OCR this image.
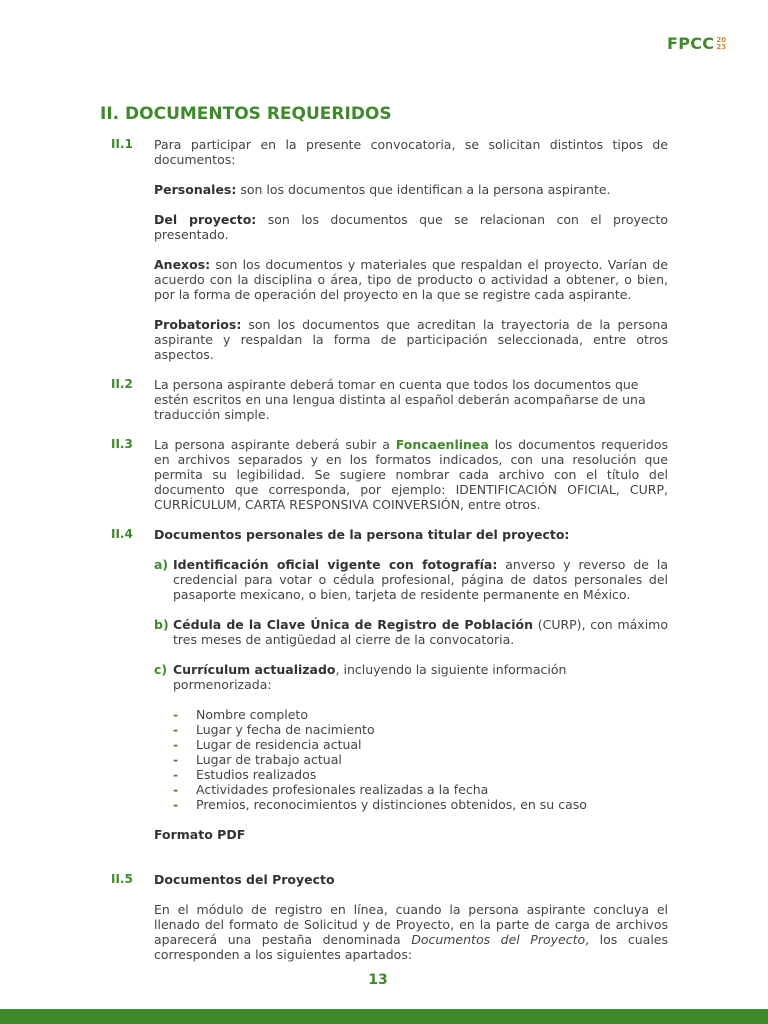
FPCC 20
23
II. DOCUMENTOS REQUERIDOS
II.1	Para participar en la presente convocatoria, se solicitan distintos tipos de documentos:

Personales: son los documentos que identifican a la persona aspirante.

Del proyecto: son los documentos que se relacionan con el proyecto presentado.

Anexos: son los documentos y materiales que respaldan el proyecto. Varían de acuerdo con la disciplina o área, tipo de producto o actividad a obtener, o bien, por la forma de operación del proyecto en la que se registre cada aspirante.

Probatorios: son los documentos que acreditan la trayectoria de la persona aspirante y respaldan la forma de participación seleccionada, entre otros aspectos.

II.2	La persona aspirante deberá tomar en cuenta que todos los documentos que estén escritos en una lengua distinta al español deberán acompañarse de una traducción simple.

II.3	La persona aspirante deberá subir a Foncaenlinea los documentos requeridos en archivos separados y en los formatos indicados, con una resolución que permita su legibilidad. Se sugiere nombrar cada archivo con el título del documento que corresponda, por ejemplo: IDENTIFICACIÓN OFICIAL, CURP, CURRÍCULUM, CARTA RESPONSIVA COINVERSIÓN, entre otros.

II.4	Documentos personales de la persona titular del proyecto:

a) Identificación oficial vigente con fotografía: anverso y reverso de la credencial para votar o cédula profesional, página de datos personales del pasaporte mexicano, o bien, tarjeta de residente permanente en México.
b) Cédula de la Clave Única de Registro de Población (CURP), con máximo tres meses de antigüedad al cierre de la convocatoria.
c) Currículum actualizado, incluyendo la siguiente información pormenorizada:
-	Nombre completo
-	Lugar y fecha de nacimiento
-	Lugar de residencia actual
-	Lugar de trabajo actual
-	Estudios realizados
-	Actividades profesionales realizadas a la fecha
-	Premios, reconocimientos y distinciones obtenidos, en su caso
Formato PDF
II.5	Documentos del Proyecto

En el módulo de registro en línea, cuando la persona aspirante concluya el llenado del formato de Solicitud y de Proyecto, en la parte de carga de archivos aparecerá una pestaña denominada Documentos del Proyecto, los cuales corresponden a los siguientes apartados:

13
